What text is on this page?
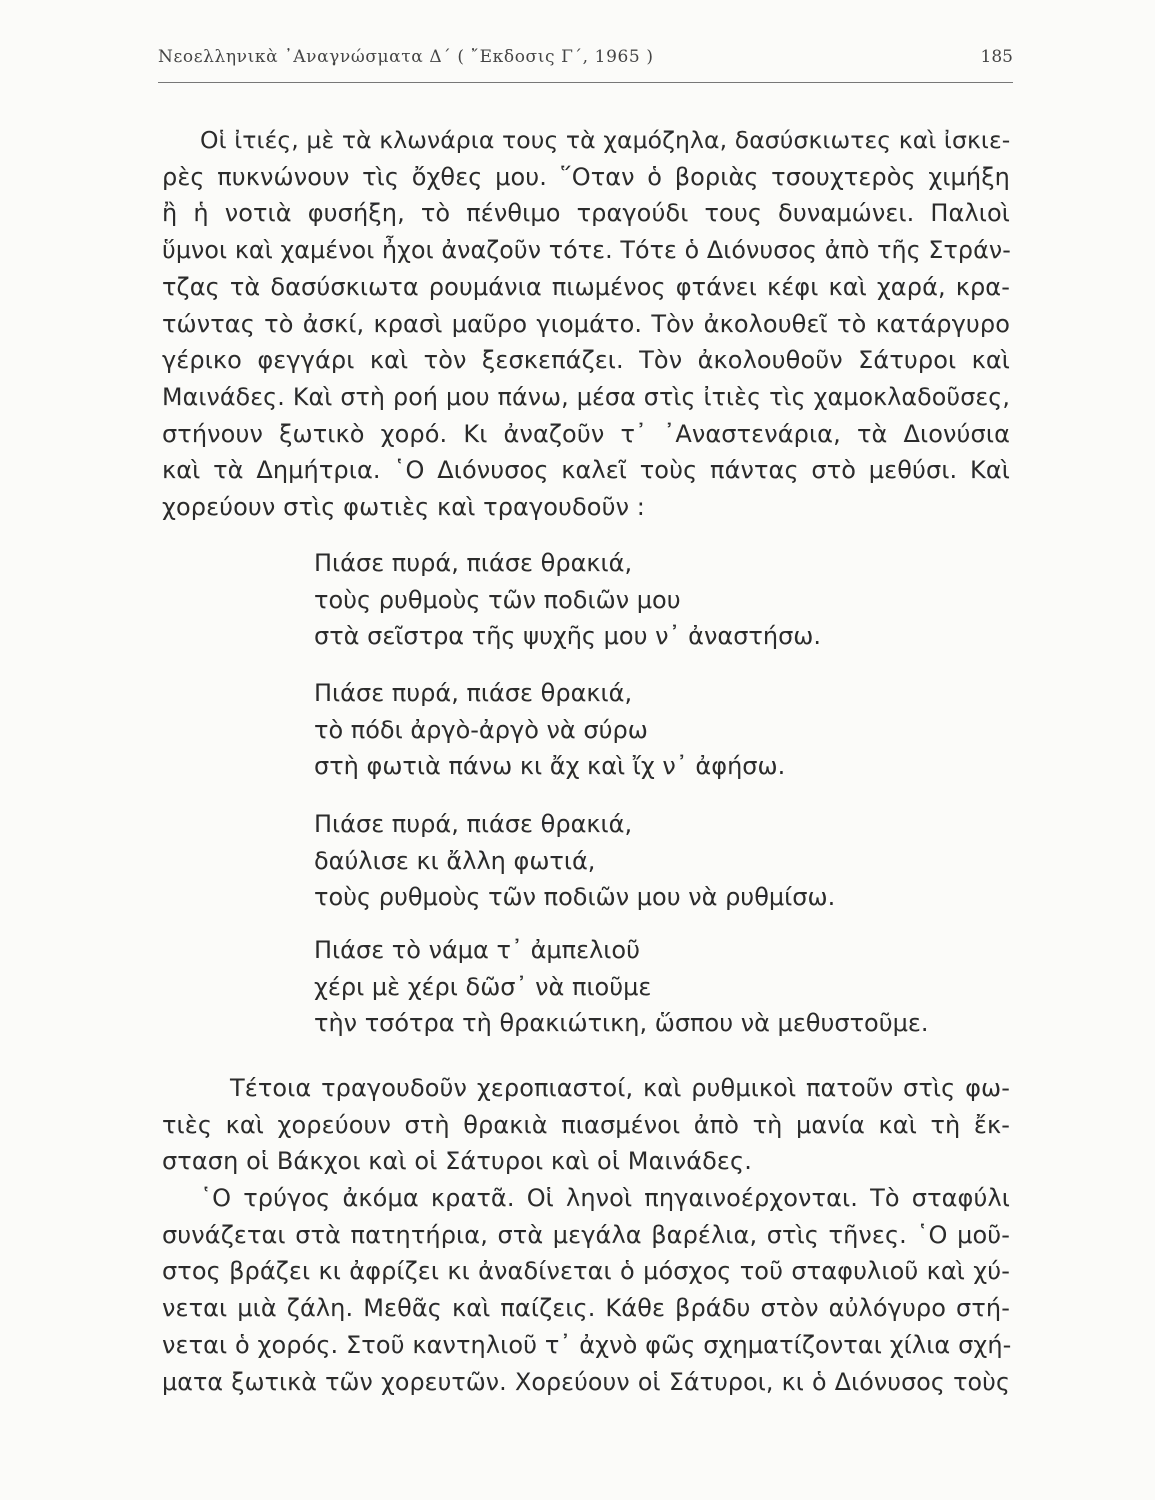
Νεοελληνικὰ ᾿Αναγνώσματα Δ΄ ( ῎Εκδοσις Γ΄, 1965 )	185
Οἱ ἰτιές, μὲ τὰ κλωνάρια τους τὰ χαμόζηλα, δασύσκιωτες καὶ ἰσκιε-
ρὲς πυκνώνουν τὶς ὄχθες μου. ῞Οταν ὁ βοριὰς τσουχτερὸς χιμήξη
ἢ ἡ νοτιὰ φυσήξη, τὸ πένθιμο τραγούδι τους δυναμώνει. Παλιοὶ
ὕμνοι καὶ χαμένοι ἦχοι ἀναζοῦν τότε. Τότε ὁ Διόνυσος ἀπὸ τῆς Στράν-
τζας τὰ δασύσκιωτα ρουμάνια πιωμένος φτάνει κέφι καὶ χαρά, κρα-
τώντας τὸ ἀσκί, κρασὶ μαῦρο γιομάτο. Τὸν ἀκολουθεῖ τὸ κατάργυρο
γέρικο φεγγάρι καὶ τὸν ξεσκεπάζει. Τὸν ἀκολουθοῦν Σάτυροι καὶ
Μαινάδες. Καὶ στὴ ροή μου πάνω, μέσα στὶς ἰτιὲς τὶς χαμοκλαδοῦσες,
στήνουν ξωτικὸ χορό. Κι ἀναζοῦν τ᾿ ᾿Αναστενάρια, τὰ Διονύσια
καὶ τὰ Δημήτρια. ῾Ο Διόνυσος καλεῖ τοὺς πάντας στὸ μεθύσι. Καὶ
χορεύουν στὶς φωτιὲς καὶ τραγουδοῦν :
Πιάσε πυρά, πιάσε θρακιά,
τοὺς ρυθμοὺς τῶν ποδιῶν μου
στὰ σεῖστρα τῆς ψυχῆς μου ν᾿ ἀναστήσω.
Πιάσε πυρά, πιάσε θρακιά,
τὸ πόδι ἀργὸ-ἀργὸ νὰ σύρω
στὴ φωτιὰ πάνω κι ἄχ καὶ ἴχ ν᾿ ἀφήσω.
Πιάσε πυρά, πιάσε θρακιά,
δαύλισε κι ἄλλη φωτιά,
τοὺς ρυθμοὺς τῶν ποδιῶν μου νὰ ρυθμίσω.
Πιάσε τὸ νάμα τ᾿ ἀμπελιοῦ
χέρι μὲ χέρι δῶσ᾿ νὰ πιοῦμε
τὴν τσότρα τὴ θρακιώτικη, ὥσπου νὰ μεθυστοῦμε.
Τέτοια τραγουδοῦν χεροπιαστοί, καὶ ρυθμικοὶ πατοῦν στὶς φω-
τιὲς καὶ χορεύουν στὴ θρακιὰ πιασμένοι ἀπὸ τὴ μανία καὶ τὴ ἔκ-
σταση οἱ Βάκχοι καὶ οἱ Σάτυροι καὶ οἱ Μαινάδες.
῾Ο τρύγος ἀκόμα κρατᾶ. Οἱ ληνοὶ πηγαινοέρχονται. Τὸ σταφύλι
συνάζεται στὰ πατητήρια, στὰ μεγάλα βαρέλια, στὶς τῆνες. ῾Ο μοῦ-
στος βράζει κι ἀφρίζει κι ἀναδίνεται ὁ μόσχος τοῦ σταφυλιοῦ καὶ χύ-
νεται μιὰ ζάλη. Μεθᾶς καὶ παίζεις. Κάθε βράδυ στὸν αὐλόγυρο στή-
νεται ὁ χορός. Στοῦ καντηλιοῦ τ᾿ ἀχνὸ φῶς σχηματίζονται χίλια σχή-
ματα ξωτικὰ τῶν χορευτῶν. Χορεύουν οἱ Σάτυροι, κι ὁ Διόνυσος τοὺς
